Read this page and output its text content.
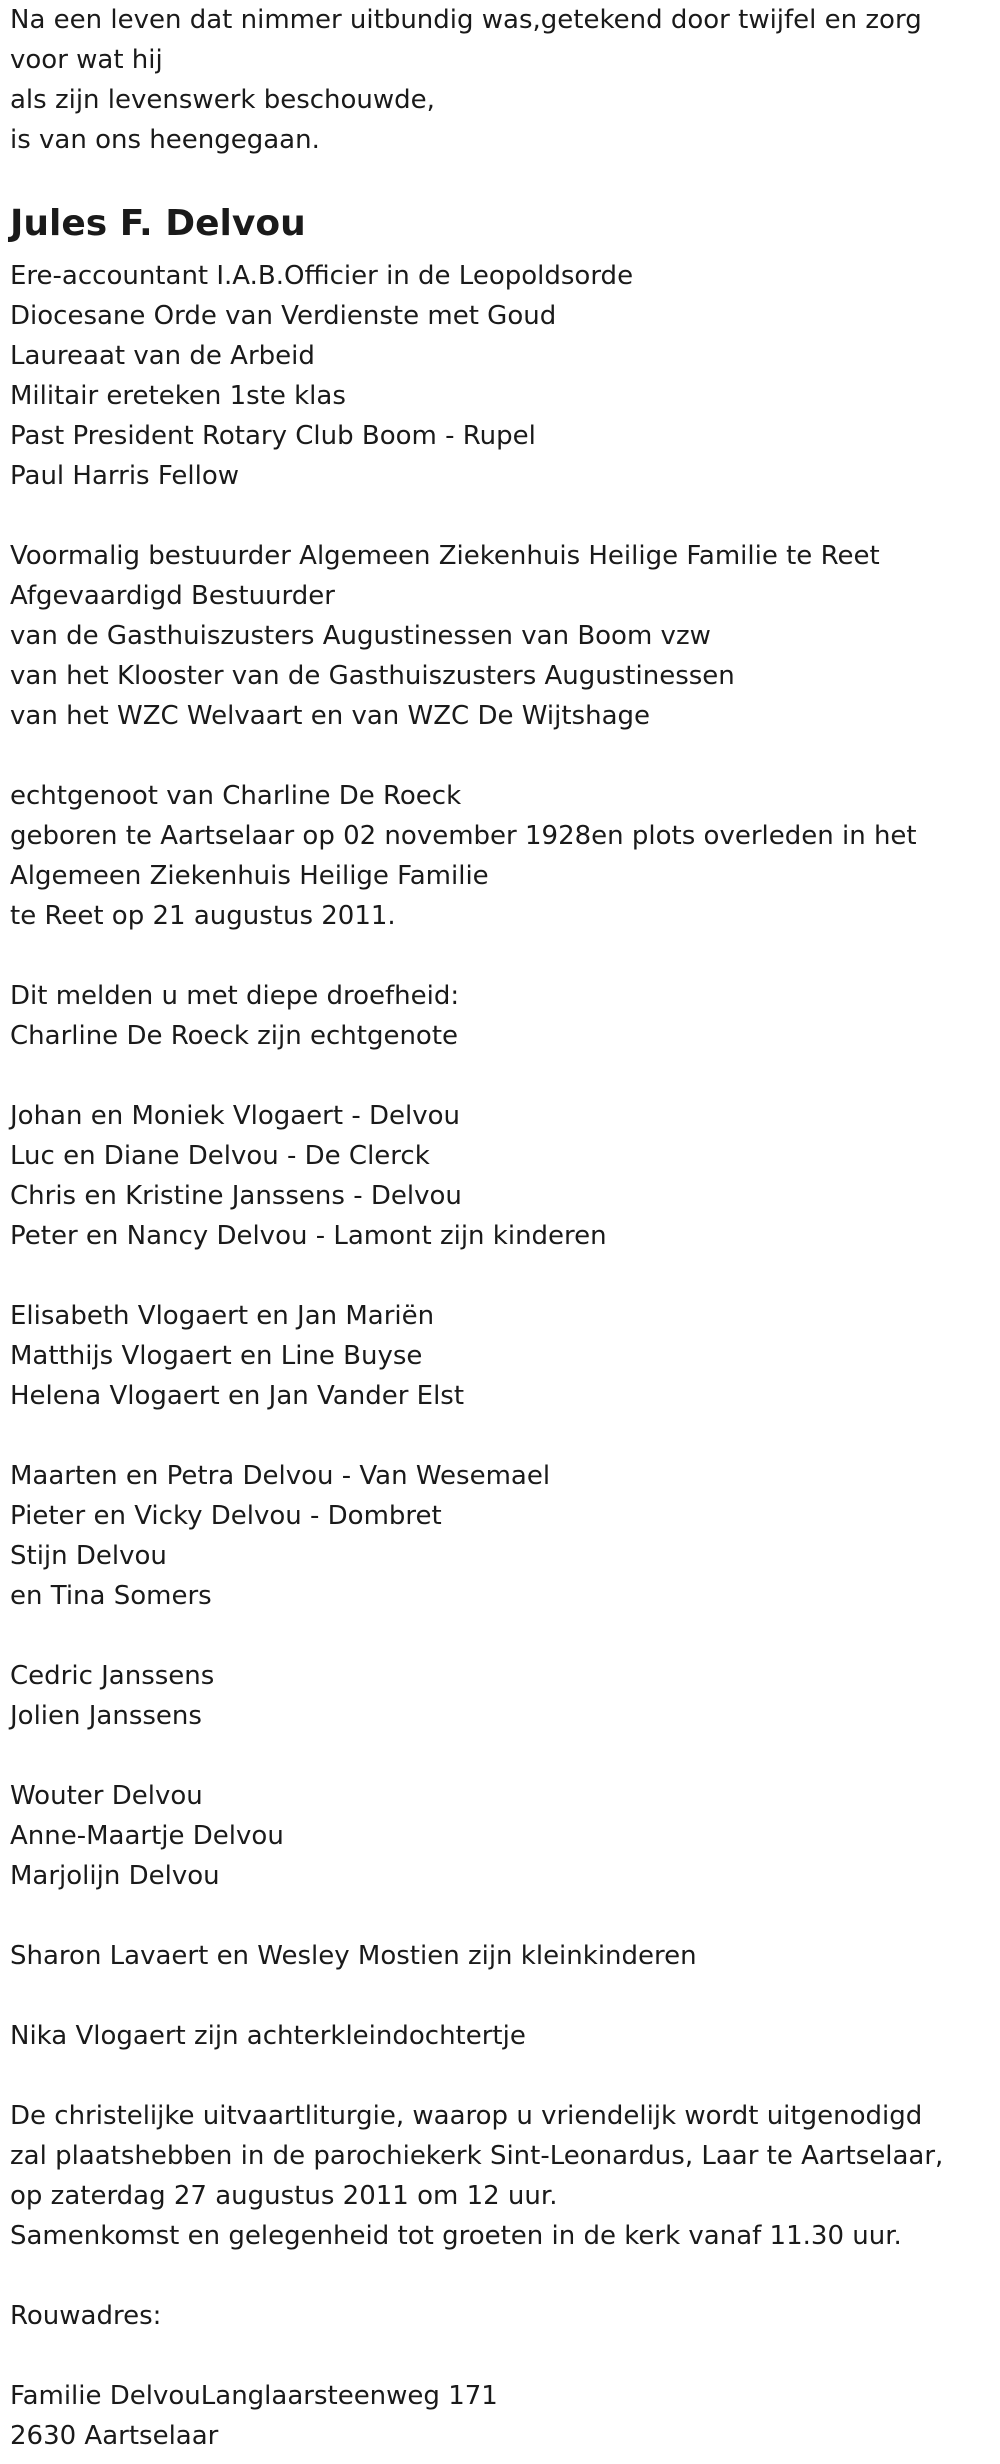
Na een leven dat nimmer uitbundig was,getekend door twijfel en zorg
voor wat hij
als zijn levenswerk beschouwde,
is van ons heengegaan.
Jules F. Delvou
Ere-accountant I.A.B.Officier in de Leopoldsorde
Diocesane Orde van Verdienste met Goud
Laureaat van de Arbeid
Militair ereteken 1ste klas
Past President Rotary Club Boom - Rupel
Paul Harris Fellow
Voormalig bestuurder Algemeen Ziekenhuis Heilige Familie te Reet
Afgevaardigd Bestuurder
van de Gasthuiszusters Augustinessen van Boom vzw
van het Klooster van de Gasthuiszusters Augustinessen
van het WZC Welvaart en van WZC De Wijtshage
echtgenoot van Charline De Roeck
geboren te Aartselaar op 02 november 1928en plots overleden in het
Algemeen Ziekenhuis Heilige Familie
te Reet op 21 augustus 2011.
Dit melden u met diepe droefheid:
Charline De Roeck zijn echtgenote
Johan en Moniek Vlogaert - Delvou
Luc en Diane Delvou - De Clerck
Chris en Kristine Janssens - Delvou
Peter en Nancy Delvou - Lamont zijn kinderen
Elisabeth Vlogaert en Jan Mariën
Matthijs Vlogaert en Line Buyse
Helena Vlogaert en Jan Vander Elst
Maarten en Petra Delvou - Van Wesemael
Pieter en Vicky Delvou - Dombret
Stijn Delvou
en Tina Somers
Cedric Janssens
Jolien Janssens
Wouter Delvou
Anne-Maartje Delvou
Marjolijn Delvou
Sharon Lavaert en Wesley Mostien zijn kleinkinderen
Nika Vlogaert zijn achterkleindochtertje
De christelijke uitvaartliturgie, waarop u vriendelijk wordt uitgenodigd
zal plaatshebben in de parochiekerk Sint-Leonardus, Laar te Aartselaar,
op zaterdag 27 augustus 2011 om 12 uur.
Samenkomst en gelegenheid tot groeten in de kerk vanaf 11.30 uur.
Rouwadres:
Familie DelvouLanglaarsteenweg 171
2630 Aartselaar
